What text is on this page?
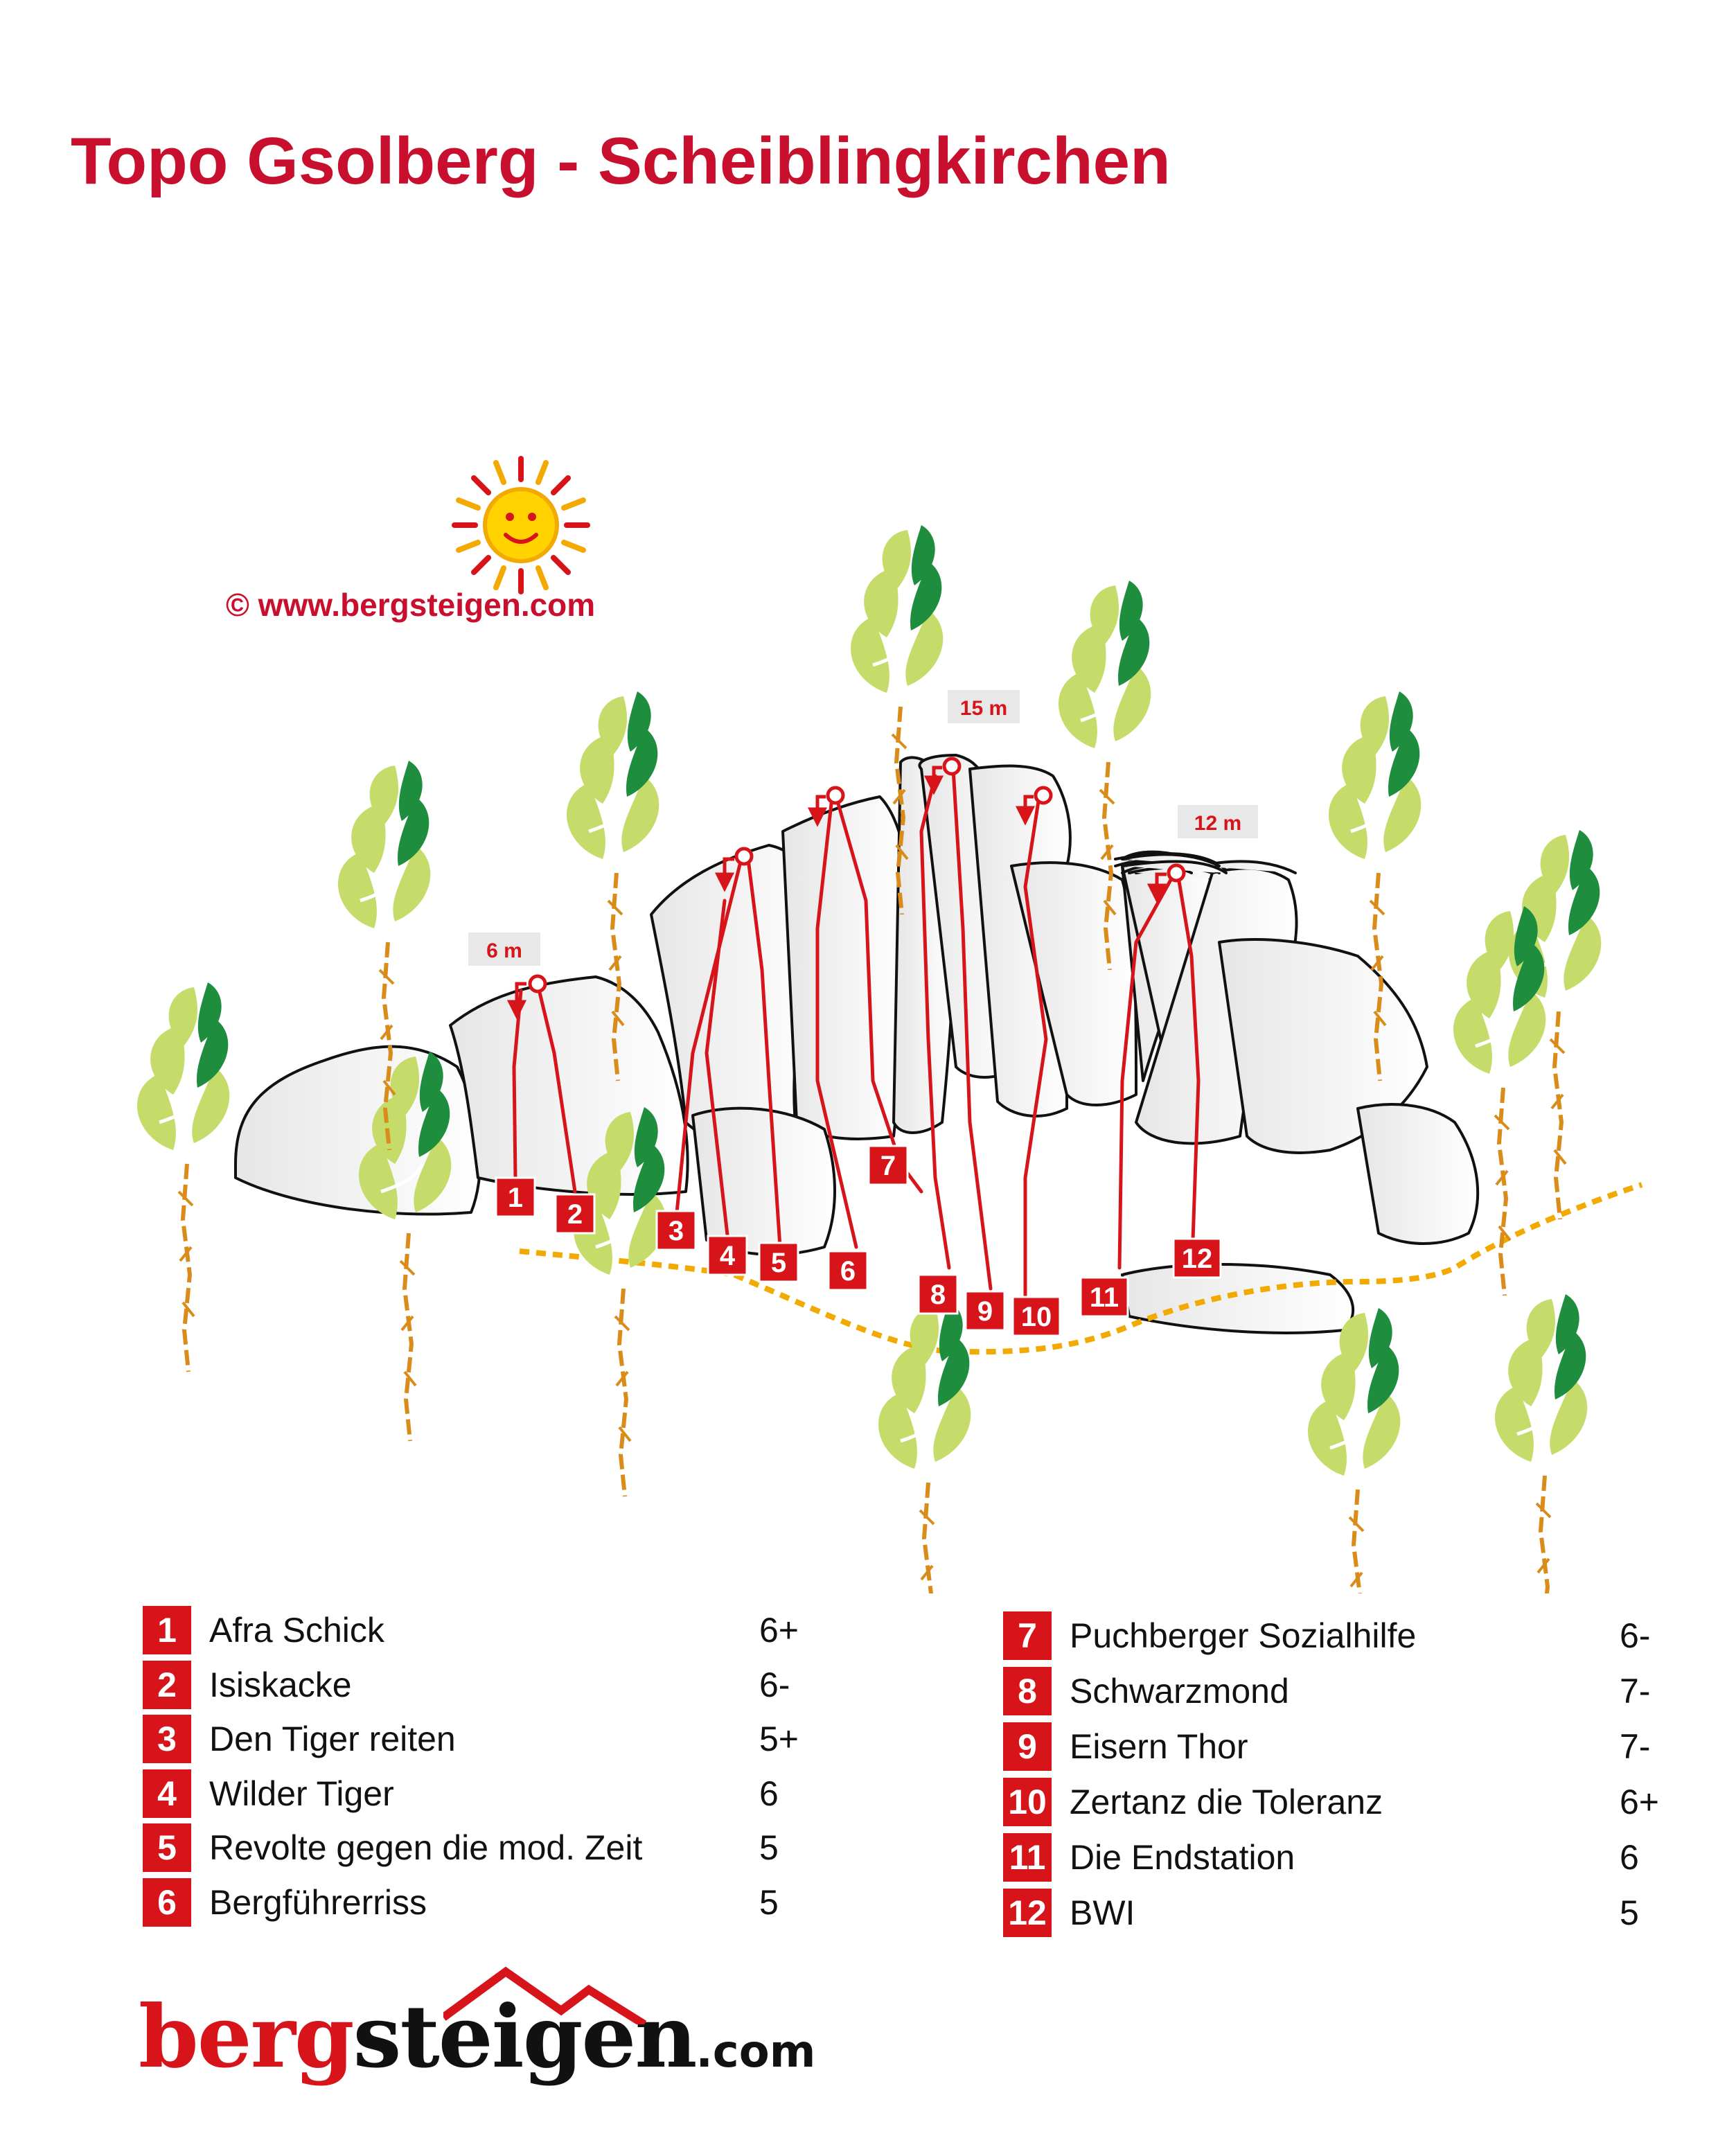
Topo Gsolberg - Scheiblingkirchen
6 m
15 m
12 m
1
2
3
4 5 6
7
8
9 10
11
12
© www.bergsteigen.com
1 Afra Schick	6+
2 Isiskacke	6-
3 Den Tiger reiten	5+
4 Wilder Tiger	6
5 Revolte gegen die mod. Zeit	5
6 Bergführerriss	5
7 Puchberger Sozialhilfe	6-
8 Schwarzmond	7-
9 Eisern Thor	7-
10 Zertanz die Toleranz	6+
11 Die Endstation	6
12 BWI	5
bergsteigen.com
